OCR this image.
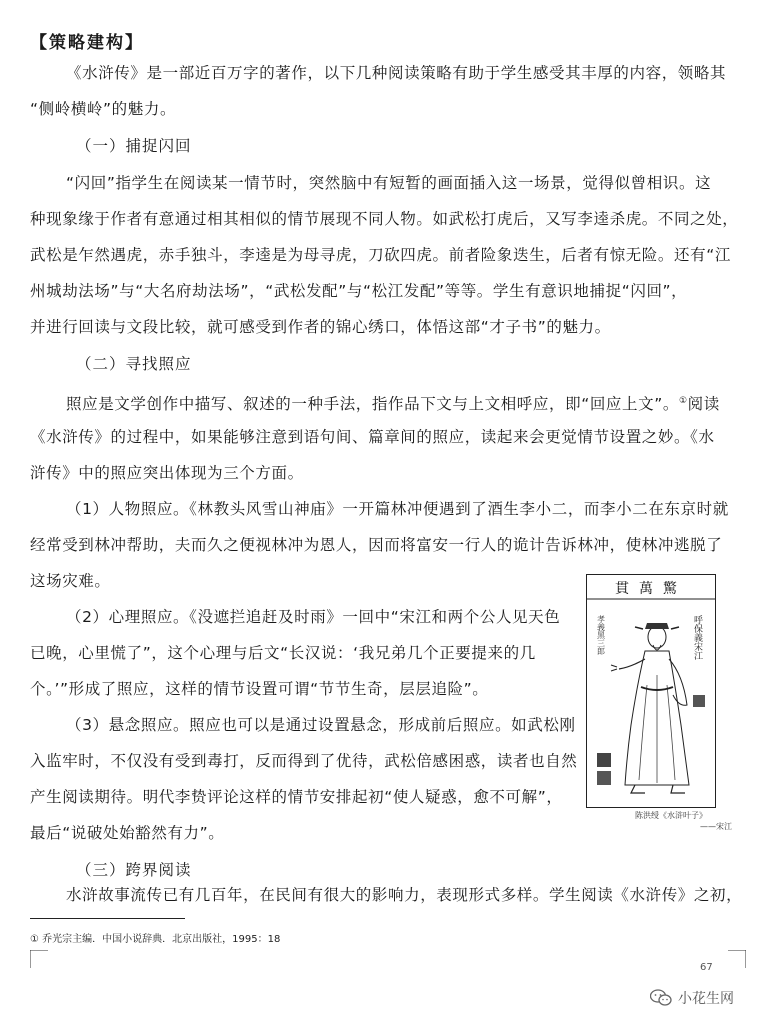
【策略建构】
《水浒传》是一部近百万字的著作，以下几种阅读策略有助于学生感受其丰厚的内容，领略其
“侧岭横岭”的魅力。
（一）捕捉闪回
“闪回”指学生在阅读某一情节时，突然脑中有短暂的画面插入这一场景，觉得似曾相识。这
种现象缘于作者有意通过相其相似的情节展现不同人物。如武松打虎后，又写李逵杀虎。不同之处，
武松是乍然遇虎，赤手独斗，李逵是为母寻虎，刀砍四虎。前者险象迭生，后者有惊无险。还有“江
州城劫法场”与“大名府劫法场”，“武松发配”与“松江发配”等等。学生有意识地捕捉“闪回”，
并进行回读与文段比较，就可感受到作者的锦心绣口，体悟这部“才子书”的魅力。
（二）寻找照应
照应是文学创作中描写、叙述的一种手法，指作品下文与上文相呼应，即“回应上文”。①阅读
《水浒传》的过程中，如果能够注意到语句间、篇章间的照应，读起来会更觉情节设置之妙。《水
浒传》中的照应突出体现为三个方面。
（1）人物照应。《林教头风雪山神庙》一开篇林冲便遇到了酒生李小二，而李小二在东京时就
经常受到林冲帮助，夫而久之便视林冲为恩人，因而将富安一行人的诡计告诉林冲，使林冲逃脱了
这场灾难。
（2）心理照应。《没遮拦追赶及时雨》一回中“宋江和两个公人见天色
已晚，心里慌了”，这个心理与后文“长汉说：‘我兄弟几个正要提来的几
个。’”形成了照应，这样的情节设置可谓“节节生奇，层层追险”。
（3）悬念照应。照应也可以是通过设置悬念，形成前后照应。如武松刚
入监牢时，不仅没有受到毒打，反而得到了优待，武松倍感困惑，读者也自然
产生阅读期待。明代李贽评论这样的情节安排起初“使人疑惑，愈不可解”，
最后“说破处始豁然有力”。
（三）跨界阅读
水浒故事流传已有几百年，在民间有很大的影响力，表现形式多样。学生阅读《水浒传》之初，
貫萬驚
呼保義宋江
孝義黑三郎
陈洪绶《水浒叶子》
——宋江
① 乔光宗主编．中国小说辞典．北京出版社，1995：18
67
小花生网
